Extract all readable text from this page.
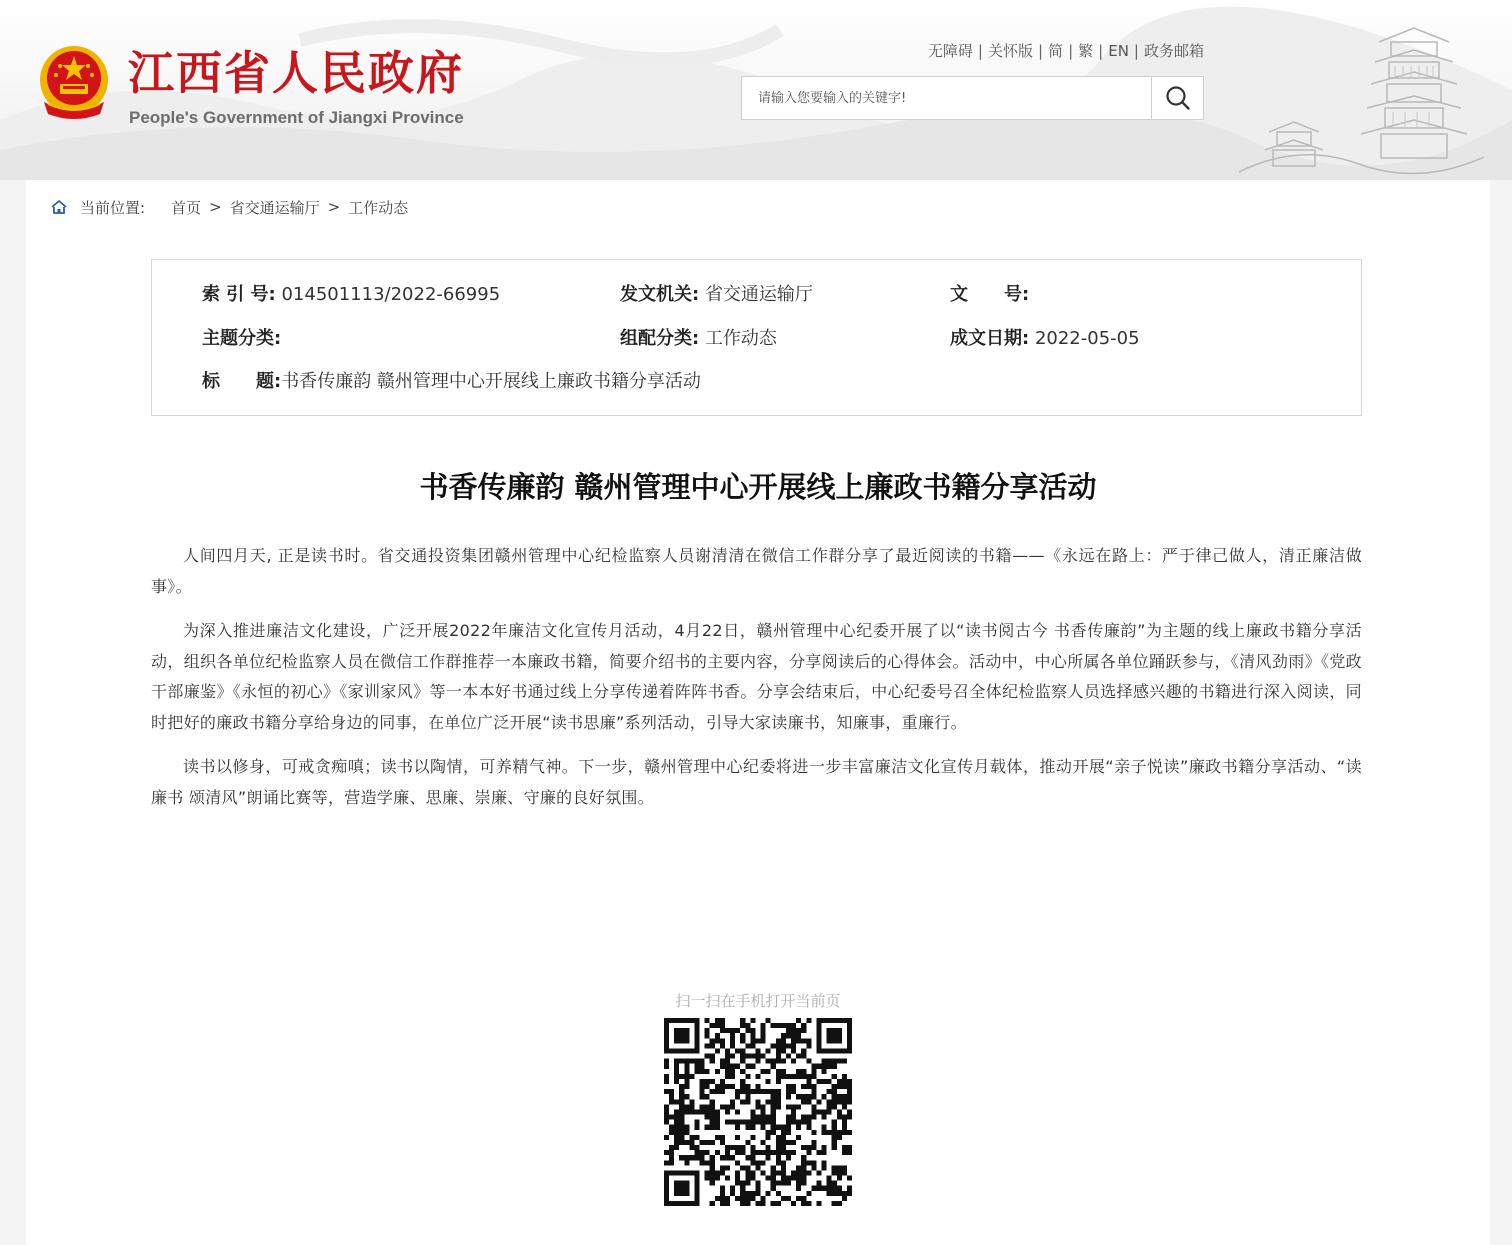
江西省人民政府
People's Government of Jiangxi Province
无障碍 | 关怀版 | 简 | 繁 | EN | 政务邮箱
请输入您要输入的关键字!
当前位置: 首页 > 省交通运输厅 > 工作动态
索 引 号: 014501113/2022-66995	发文机关: 省交通运输厅	文　　号:
主题分类:	组配分类: 工作动态	成文日期: 2022-05-05
标　　题:书香传廉韵 赣州管理中心开展线上廉政书籍分享活动
书香传廉韵 赣州管理中心开展线上廉政书籍分享活动

人间四月天, 正是读书时。省交通投资集团赣州管理中心纪检监察人员谢清清在微信工作群分享了最近阅读的书籍——《永远在路上：严于律己做人，清正廉洁做事》。

为深入推进廉洁文化建设，广泛开展2022年廉洁文化宣传月活动，4月22日，赣州管理中心纪委开展了以“读书阅古今 书香传廉韵”为主题的线上廉政书籍分享活动，组织各单位纪检监察人员在微信工作群推荐一本廉政书籍，简要介绍书的主要内容，分享阅读后的心得体会。活动中，中心所属各单位踊跃参与，《清风劲雨》《党政干部廉鉴》《永恒的初心》《家训家风》等一本本好书通过线上分享传递着阵阵书香。分享会结束后，中心纪委号召全体纪检监察人员选择感兴趣的书籍进行深入阅读，同时把好的廉政书籍分享给身边的同事，在单位广泛开展“读书思廉”系列活动，引导大家读廉书，知廉事，重廉行。

读书以修身，可戒贪痴嗔；读书以陶情，可养精气神。下一步，赣州管理中心纪委将进一步丰富廉洁文化宣传月载体，推动开展“亲子悦读”廉政书籍分享活动、“读廉书 颂清风”朗诵比赛等，营造学廉、思廉、崇廉、守廉的良好氛围。

扫一扫在手机打开当前页
